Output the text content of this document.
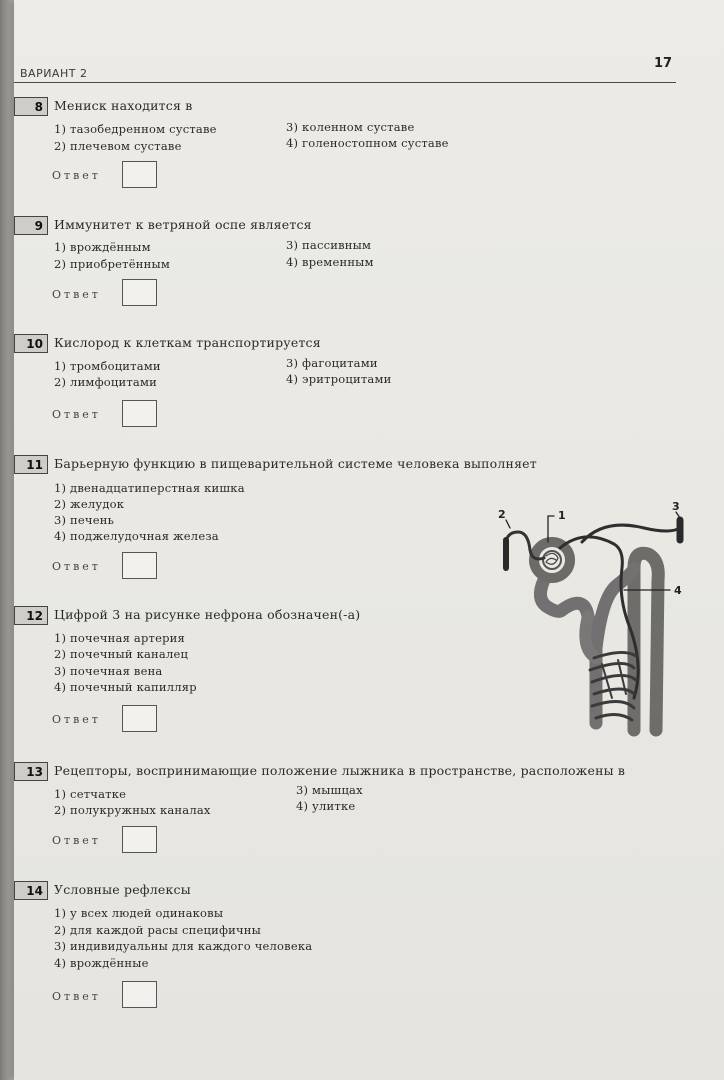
ВАРИАНТ 2
17
8 Мениск находится в
1) тазобедренном суставе
2) плечевом суставе
3) коленном суставе
4) голеностопном суставе
Ответ
9 Иммунитет к ветряной оспе является
1) врождённым
2) приобретённым
3) пассивным
4) временным
Ответ
10 Кислород к клеткам транспортируется
1) тромбоцитами
2) лимфоцитами
3) фагоцитами
4) эритроцитами
Ответ
11 Барьерную функцию в пищеварительной системе человека выполняет
1) двенадцатиперстная кишка
2) желудок
3) печень
4) поджелудочная железа
Ответ
12 Цифрой 3 на рисунке нефрона обозначен(-а)
1) почечная артерия
2) почечный каналец
3) почечная вена
4) почечный капилляр
Ответ
1
2
3
4
13 Рецепторы, воспринимающие положение лыжника в пространстве, расположены в
1) сетчатке
2) полукружных каналах
3) мышцах
4) улитке
Ответ
14 Условные рефлексы
1) у всех людей одинаковы
2) для каждой расы специфичны
3) индивидуальны для каждого человека
4) врождённые
Ответ
